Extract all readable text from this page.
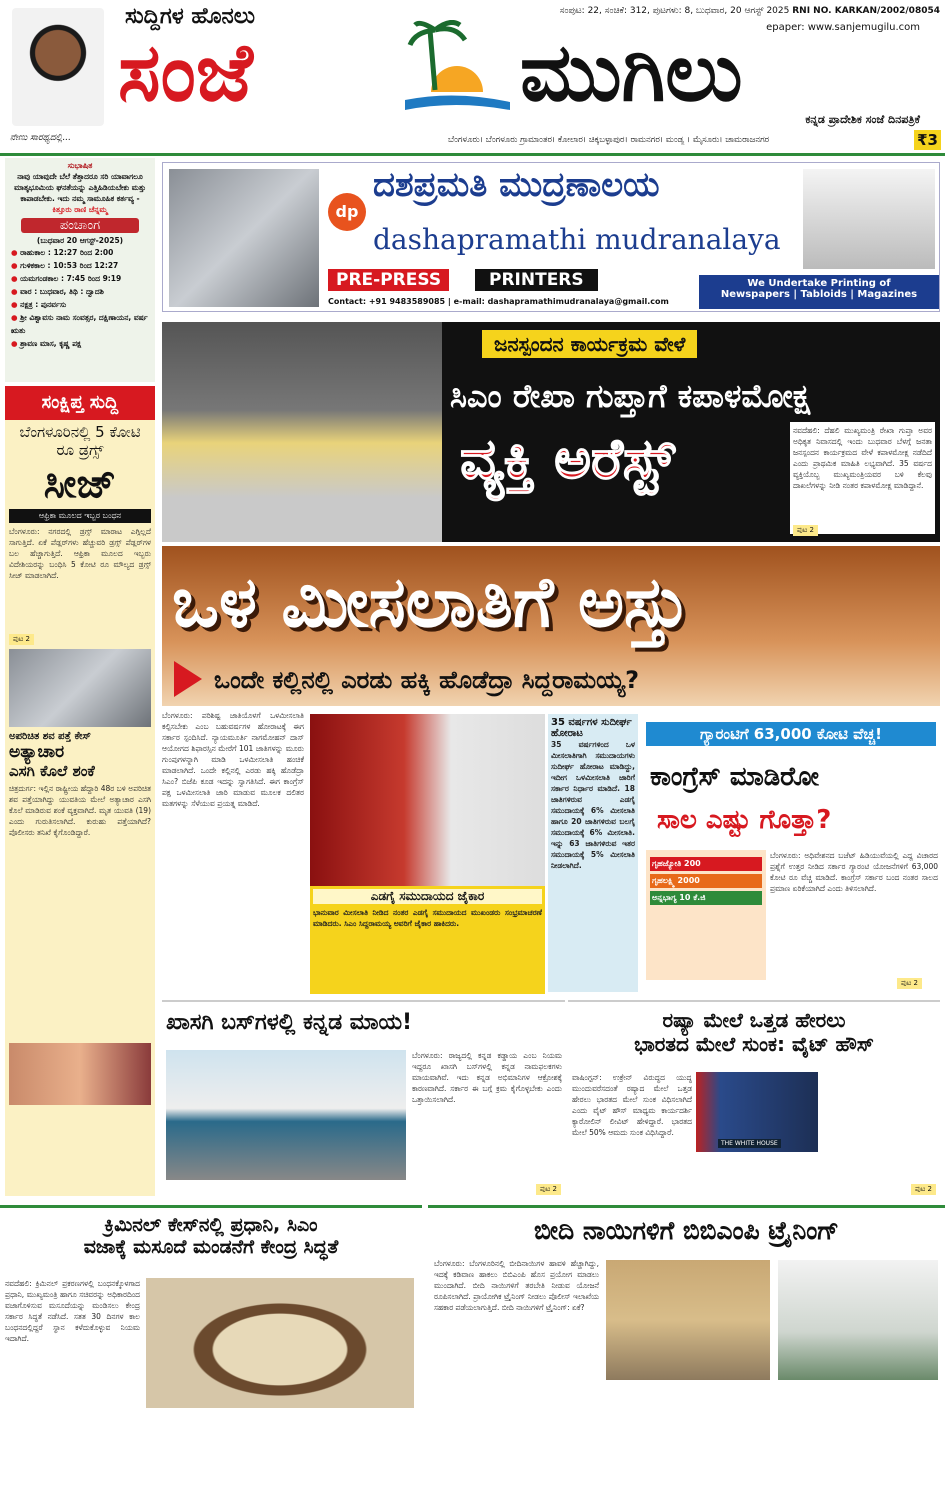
ನೇಣು ಸಾರಥ್ಯದಲ್ಲಿ...
ಸುದ್ದಿಗಳ ಹೊನಲು
ಸಂಜೆ	ಮುಗಿಲು
ಸಂಪುಟ: 22, ಸಂಚಿಕೆ: 312, ಪುಟಗಳು: 8, ಬುಧವಾರ, 20 ಆಗಸ್ಟ್ 2025 RNI NO. KARKAN/2002/08054
epaper: www.sanjemugilu.com
ಕನ್ನಡ ಪ್ರಾದೇಶಿಕ ಸಂಜೆ ದಿನಪತ್ರಿಕೆ
ಬೆಂಗಳೂರು। ಬೆಂಗಳೂರು ಗ್ರಾಮಾಂತರ। ಕೋಲಾರ। ಚಿಕ್ಕಬಳ್ಳಾಪುರ। ರಾಮನಗರ। ಮಂಡ್ಯ । ಮೈಸೂರು। ಚಾಮರಾಜನಗರ	₹3
ಸುಭಾಷಿತ
ನಾವು ಯಾವುದೇ ಬೆಲೆ ತೆತ್ತಾದರೂ ಸರಿ ಯಾವಾಗಲೂ ಮಾತೃಭೂಮಿಯ ಘನತೆಯನ್ನು ಎತ್ತಿಹಿಡಿಯಬೇಕು ಮತ್ತು ಕಾಪಾಡಬೇಕು. ಇದು ನಮ್ಮ ಸಾಮೂಹಿಕ ಕರ್ತವ್ಯ - ಕಿತ್ತೂರು ರಾಣಿ ಚೆನ್ನಮ್ಮ
ಪಂಚಾಂಗ
(ಬುಧವಾರ 20 ಆಗಸ್ಟ್-2025)
● ರಾಹುಕಾಲ : 12:27 ರಿಂದ 2:00
● ಗುಳಿಕಕಾಲ : 10:53 ರಿಂದ 12:27
● ಯಮಗಂಡಕಾಲ : 7:45 ರಿಂದ 9:19
● ವಾರ : ಬುಧವಾರ, ತಿಥಿ : ದ್ವಾದಶಿ
● ನಕ್ಷತ್ರ : ಪುನರ್ವಸು
● ಶ್ರೀ ವಿಶ್ವಾವಸು ನಾಮ ಸಂವತ್ಸರ, ದಕ್ಷಿಣಾಯನ, ವರ್ಷ ಋತು
● ಶ್ರಾವಣ ಮಾಸ, ಕೃಷ್ಣ ಪಕ್ಷ
ಸಂಕ್ಷಿಪ್ತ ಸುದ್ದಿ
ಬೆಂಗಳೂರಿನಲ್ಲಿ 5 ಕೋಟಿ ರೂ ಡ್ರಗ್ಸ್
ಸೀಜ್
ಆಫ್ರಿಕಾ ಮೂಲದ ಇಬ್ಬರ ಬಂಧನ
ಬೆಂಗಳೂರು: ನಗರದಲ್ಲಿ ಡ್ರಗ್ಸ್ ಮಾರಾಟ ಎಗ್ಗಿಲ್ಲದೆ ಸಾಗುತ್ತಿದೆ. ಏಕೆ ಪೆಡ್ಲರ್‌ಗಳು ಹೆಚ್ಚುವರಿ ಡ್ರಗ್ಸ್ ಪೆಡ್ಲರ್‌ಗಳ ಬಲ ಹೆಚ್ಚಾಗುತ್ತಿದೆ. ಆಫ್ರಿಕಾ ಮೂಲದ ಇಬ್ಬರು ವಿದೇಶಿಯರನ್ನು ಬಂಧಿಸಿ 5 ಕೋಟಿ ರೂ ಮೌಲ್ಯದ ಡ್ರಗ್ಸ್ ಸೀಜ್ ಮಾಡಲಾಗಿದೆ.
ಪುಟ 2
ಅಪರಿಚಿತ ಶವ ಪತ್ತೆ ಕೇಸ್
ಅತ್ಯಾಚಾರ
ಎಸಗಿ ಕೊಲೆ ಶಂಕೆ
ಚಿತ್ರದುರ್ಗ: ಇಲ್ಲಿನ ರಾಷ್ಟ್ರೀಯ ಹೆದ್ದಾರಿ 48ರ ಬಳಿ ಅಪರಿಚಿತ ಶವ ಪತ್ತೆಯಾಗಿದ್ದು ಯುವತಿಯ ಮೇಲೆ ಅತ್ಯಾಚಾರ ಎಸಗಿ ಕೊಲೆ ಮಾಡಿರುವ ಶಂಕೆ ವ್ಯಕ್ತವಾಗಿದೆ. ಮೃತ ಯುವತಿ (19) ಎಂದು ಗುರುತಿಸಲಾಗಿದೆ. ಕುರುಹು ಪತ್ತೆಯಾಗಿದೆ? ಪೊಲೀಸರು ತನಿಖೆ ಕೈಗೊಂಡಿದ್ದಾರೆ.
dp
ದಶಪ್ರಮತಿ ಮುದ್ರಣಾಲಯ
dashapramathi mudranalaya
PRE-PRESS	PRINTERS
Contact: +91 9483589085 | e-mail: dashapramathimudranalaya@gmail.com
We Undertake Printing of
Newspapers | Tabloids | Magazines
ಜನಸ್ಪಂದನ ಕಾರ್ಯಕ್ರಮ ವೇಳೆ
ಸಿಎಂ ರೇಖಾ ಗುಪ್ತಾಗೆ ಕಪಾಳಮೋಕ್ಷ
ವ್ಯಕ್ತಿ ಅರೆಸ್ಟ್	ನವದೆಹಲಿ: ದೆಹಲಿ ಮುಖ್ಯಮಂತ್ರಿ ರೇಖಾ ಗುಪ್ತಾ ಅವರ ಅಧಿಕೃತ ನಿವಾಸದಲ್ಲಿ ಇಂದು ಬುಧವಾರ ಬೆಳಗ್ಗೆ ಜನತಾ ಜನಸ್ಪಂದನ ಕಾರ್ಯಕ್ರಮದ ವೇಳೆ ಕಪಾಳಮೋಕ್ಷ ನಡೆದಿದೆ ಎಂದು ಪ್ರಾಥಮಿಕ ಮಾಹಿತಿ ಲಭ್ಯವಾಗಿದೆ. 35 ವರ್ಷದ ವ್ಯಕ್ತಿಯೊಬ್ಬ ಮುಖ್ಯಮಂತ್ರಿಯವರ ಬಳಿ ಕೆಲವು ದಾಖಲೆಗಳನ್ನು ನೀಡಿ ನಂತರ ಕಪಾಳಮೋಕ್ಷ ಮಾಡಿದ್ದಾನೆ.
ಪುಟ 2
ಒಳ ಮೀಸಲಾತಿಗೆ ಅಸ್ತು
ಒಂದೇ ಕಲ್ಲಿನಲ್ಲಿ ಎರಡು ಹಕ್ಕಿ ಹೊಡೆದ್ರಾ ಸಿದ್ದರಾಮಯ್ಯ?
ಬೆಂಗಳೂರು: ಪರಿಶಿಷ್ಟ ಜಾತಿಯೊಳಗೆ ಒಳಮೀಸಲಾತಿ ಕಲ್ಪಿಸಬೇಕು ಎಂಬ ಬಹುವರ್ಷಗಳ ಹೋರಾಟಕ್ಕೆ ಈಗ ಸರ್ಕಾರ ಸ್ಪಂದಿಸಿದೆ. ನ್ಯಾಯಮೂರ್ತಿ ನಾಗಮೋಹನ್ ದಾಸ್ ಆಯೋಗದ ಶಿಫಾರಸ್ಸಿನ ಮೇರೆಗೆ 101 ಜಾತಿಗಳನ್ನು ಮೂರು ಗುಂಪುಗಳನ್ನಾಗಿ ಮಾಡಿ ಒಳಮೀಸಲಾತಿ ಹಂಚಿಕೆ ಮಾಡಲಾಗಿದೆ. ಒಂದೇ ಕಲ್ಲಿನಲ್ಲಿ ಎರಡು ಹಕ್ಕಿ ಹೊಡೆದ್ರಾ ಸಿಎಂ? ಬಿಜೆಪಿ ಕೂಡ ಇದನ್ನು ಸ್ವಾಗತಿಸಿದೆ. ಈಗ ಕಾಂಗ್ರೆಸ್ ಪಕ್ಷ ಒಳಮೀಸಲಾತಿ ಜಾರಿ ಮಾಡುವ ಮೂಲಕ ದಲಿತರ ಮತಗಳನ್ನು ಸೆಳೆಯುವ ಪ್ರಯತ್ನ ಮಾಡಿದೆ.
ಎಡಗೈ ಸಮುದಾಯದ ಜೈಕಾರ
ಭಾನುವಾರ ಮೀಸಲಾತಿ ನೀಡಿದ ನಂತರ ಎಡಗೈ ಸಮುದಾಯದ ಮುಖಂಡರು ಸಂಭ್ರಮಾಚರಣೆ ಮಾಡಿದರು. ಸಿಎಂ ಸಿದ್ದರಾಮಯ್ಯ ಅವರಿಗೆ ಜೈಕಾರ ಹಾಕಿದರು.
35 ವರ್ಷಗಳ ಸುದೀರ್ಘ ಹೋರಾಟ
35 ವರ್ಷಗಳಿಂದ ಒಳ ಮೀಸಲಾತಿಗಾಗಿ ಸಮುದಾಯಗಳು ಸುದೀರ್ಘ ಹೋರಾಟ ಮಾಡಿದ್ದು, ಇದೀಗ ಒಳಮೀಸಲಾತಿ ಜಾರಿಗೆ ಸರ್ಕಾರ ನಿರ್ಧಾರ ಮಾಡಿದೆ. 18 ಜಾತಿಗಳಿರುವ ಎಡಗೈ ಸಮುದಾಯಕ್ಕೆ 6% ಮೀಸಲಾತಿ ಹಾಗೂ 20 ಜಾತಿಗಳಿರುವ ಬಲಗೈ ಸಮುದಾಯಕ್ಕೆ 6% ಮೀಸಲಾತಿ. ಇನ್ನು 63 ಜಾತಿಗಳಿರುವ ಇತರ ಸಮುದಾಯಕ್ಕೆ 5% ಮೀಸಲಾತಿ ನೀಡಲಾಗಿದೆ.
ಗ್ಯಾರಂಟಿಗೆ 63,000 ಕೋಟಿ ವೆಚ್ಚ!
ಕಾಂಗ್ರೆಸ್ ಮಾಡಿರೋ
ಸಾಲ ಎಷ್ಟು ಗೊತ್ತಾ?
ಗೃಹಜ್ಯೋತಿ 200
ಗೃಹಲಕ್ಷ್ಮಿ 2000
ಅನ್ನಭಾಗ್ಯ 10 ಕೆ.ಜಿ
ಬೆಂಗಳೂರು: ಅಧಿವೇಶನದ ಬಜೆಟ್ ಹಿಡಿಯುವೆಯಲ್ಲಿ ಎದ್ದ ವಿಚಾರದ ಪ್ರಶ್ನೆಗೆ ಉತ್ತರ ನೀಡಿದ ಸರ್ಕಾರ ಗ್ಯಾರಂಟಿ ಯೋಜನೆಗಳಿಗೆ 63,000 ಕೋಟಿ ರೂ ವೆಚ್ಚ ಮಾಡಿದೆ. ಕಾಂಗ್ರೆಸ್ ಸರ್ಕಾರ ಬಂದ ನಂತರ ಸಾಲದ ಪ್ರಮಾಣ ಏರಿಕೆಯಾಗಿದೆ ಎಂದು ತಿಳಿಸಲಾಗಿದೆ.
ಪುಟ 2
ಖಾಸಗಿ ಬಸ್‌ಗಳಲ್ಲಿ ಕನ್ನಡ ಮಾಯ!
ಬೆಂಗಳೂರು: ರಾಜ್ಯದಲ್ಲಿ ಕನ್ನಡ ಕಡ್ಡಾಯ ಎಂಬ ನಿಯಮ ಇದ್ದರೂ ಖಾಸಗಿ ಬಸ್‌ಗಳಲ್ಲಿ ಕನ್ನಡ ನಾಮಫಲಕಗಳು ಮಾಯವಾಗಿವೆ. ಇದು ಕನ್ನಡ ಅಭಿಮಾನಿಗಳ ಆಕ್ರೋಶಕ್ಕೆ ಕಾರಣವಾಗಿದೆ. ಸರ್ಕಾರ ಈ ಬಗ್ಗೆ ಕ್ರಮ ಕೈಗೊಳ್ಳಬೇಕು ಎಂದು ಒತ್ತಾಯಿಸಲಾಗಿದೆ.
ಪುಟ 2
ರಷ್ಯಾ ಮೇಲೆ ಒತ್ತಡ ಹೇರಲು
ಭಾರತದ ಮೇಲೆ ಸುಂಕ: ವೈಟ್ ಹೌಸ್
ವಾಷಿಂಗ್ಟನ್: ಉಕ್ರೇನ್ ವಿರುದ್ಧದ ಯುದ್ಧ ಮುಂದುವರೆಸದಂತೆ ರಷ್ಯಾದ ಮೇಲೆ ಒತ್ತಡ ಹೇರಲು ಭಾರತದ ಮೇಲೆ ಸುಂಕ ವಿಧಿಸಲಾಗಿದೆ ಎಂದು ವೈಟ್ ಹೌಸ್ ಮಾಧ್ಯಮ ಕಾರ್ಯದರ್ಶಿ ಕ್ಯಾರೋಲಿನ್ ಲೀವಿಟ್ ಹೇಳಿದ್ದಾರೆ. ಭಾರತದ ಮೇಲೆ 50% ಆಮದು ಸುಂಕ ವಿಧಿಸಿದ್ದಾರೆ.
THE WHITE HOUSE
ಪುಟ 2
ಕ್ರಿಮಿನಲ್ ಕೇಸ್‌ನಲ್ಲಿ ಪ್ರಧಾನಿ, ಸಿಎಂ
ವಜಾಕ್ಕೆ ಮಸೂದೆ ಮಂಡನೆಗೆ ಕೇಂದ್ರ ಸಿದ್ಧತೆ
ನವದೆಹಲಿ: ಕ್ರಿಮಿನಲ್ ಪ್ರಕರಣಗಳಲ್ಲಿ ಬಂಧನಕ್ಕೊಳಗಾದ ಪ್ರಧಾನಿ, ಮುಖ್ಯಮಂತ್ರಿ ಹಾಗೂ ಸಚಿವರನ್ನು ಅಧಿಕಾರದಿಂದ ವಜಾಗೊಳಿಸುವ ಮಸೂದೆಯನ್ನು ಮಂಡಿಸಲು ಕೇಂದ್ರ ಸರ್ಕಾರ ಸಿದ್ಧತೆ ನಡೆಸಿದೆ. ಸತತ 30 ದಿನಗಳ ಕಾಲ ಬಂಧನದಲ್ಲಿದ್ದರೆ ಸ್ಥಾನ ಕಳೆದುಕೊಳ್ಳುವ ನಿಯಮ ಇದಾಗಿದೆ.
ಬೀದಿ ನಾಯಿಗಳಿಗೆ ಬಿಬಿಎಂಪಿ ಟ್ರೈನಿಂಗ್
ಬೆಂಗಳೂರು: ಬೆಂಗಳೂರಿನಲ್ಲಿ ಬೀದಿನಾಯಿಗಳ ಹಾವಳಿ ಹೆಚ್ಚಾಗಿದ್ದು, ಇದಕ್ಕೆ ಕಡಿವಾಣ ಹಾಕಲು ಬಿಬಿಎಂಪಿ ಹೊಸ ಪ್ರಯೋಗ ಮಾಡಲು ಮುಂದಾಗಿದೆ. ಬೀದಿ ನಾಯಿಗಳಿಗೆ ತರಬೇತಿ ನೀಡುವ ಯೋಜನೆ ರೂಪಿಸಲಾಗಿದೆ. ಪ್ರಾಯೋಗಿಕ ಟ್ರೈನಿಂಗ್ ನೀಡಲು ಪೊಲೀಸ್ ಇಲಾಖೆಯ ಸಹಕಾರ ಪಡೆಯಲಾಗುತ್ತಿದೆ. ಬೀದಿ ನಾಯಿಗಳಿಗೆ ಟ್ರೈನಿಂಗ್: ಏಕೆ?
